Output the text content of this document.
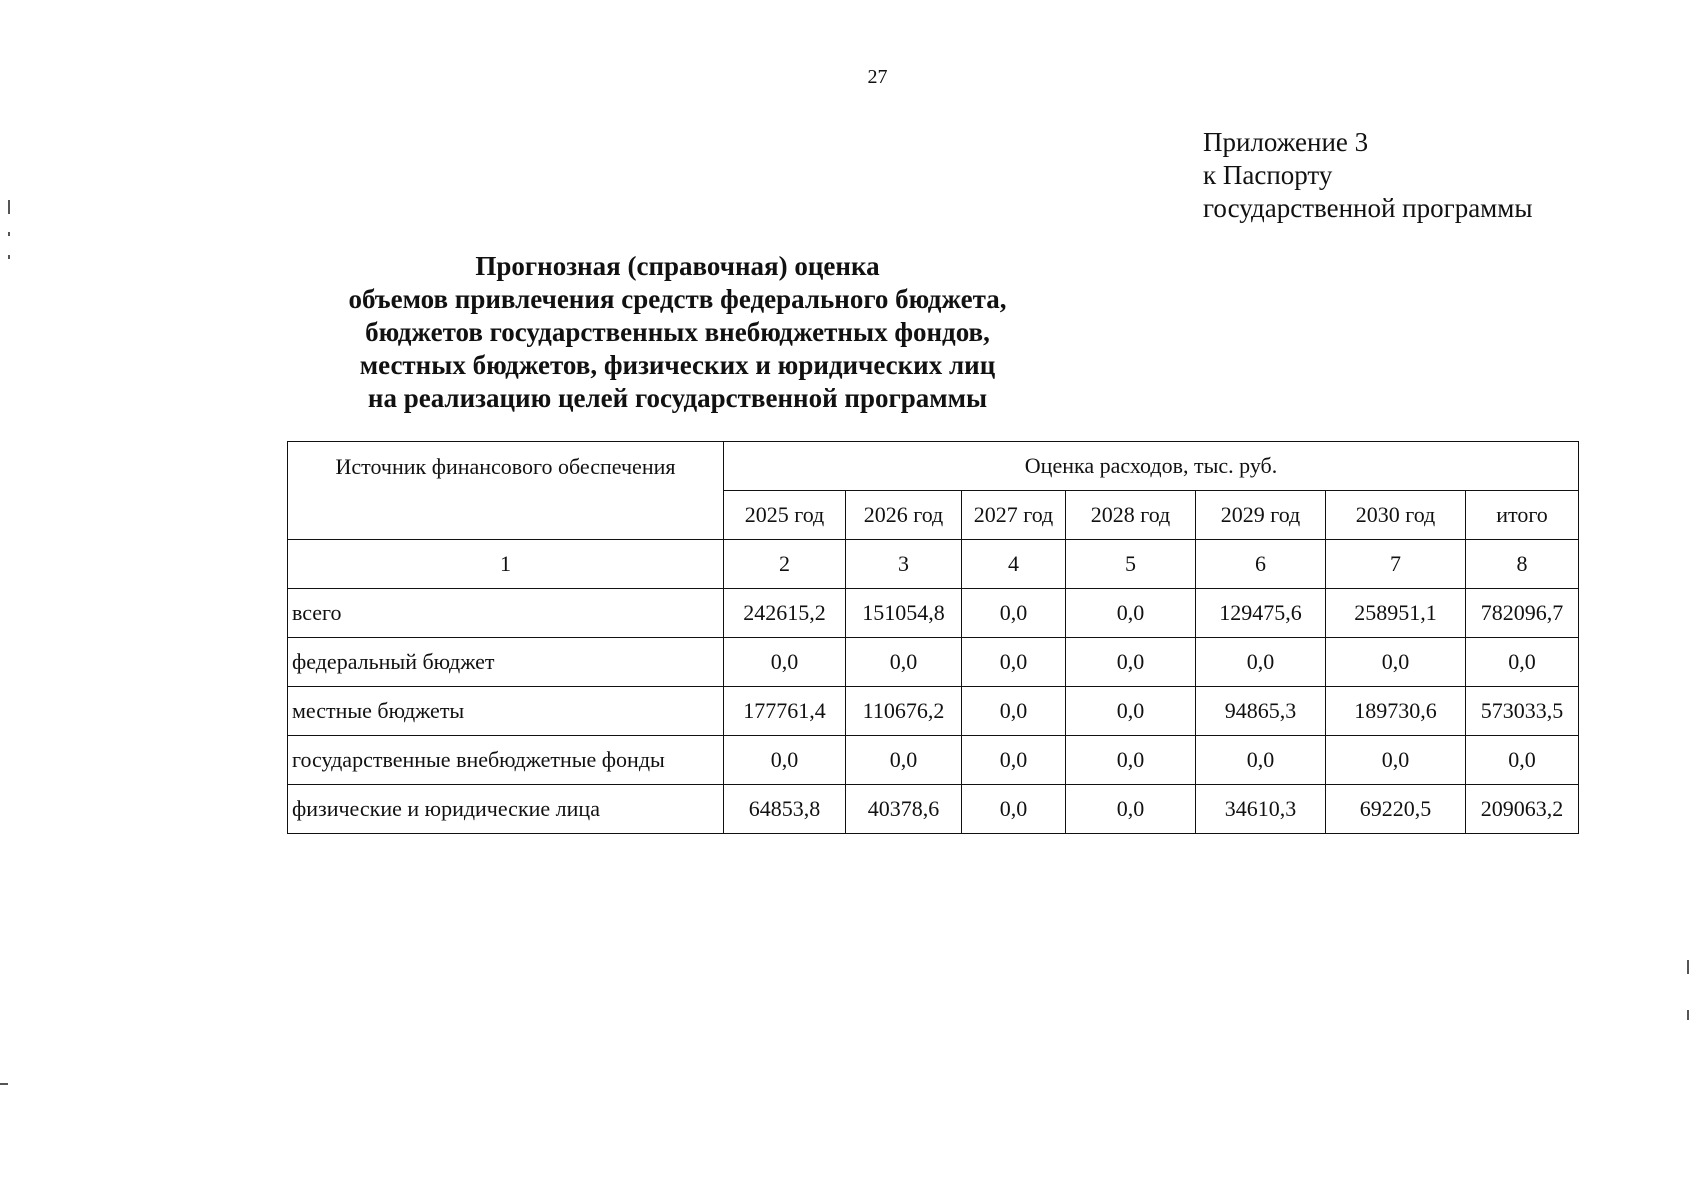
27
Приложение 3
к Паспорту
государственной программы
Прогнозная (справочная) оценка
объемов привлечения средств федерального бюджета,
бюджетов государственных внебюджетных фондов,
местных бюджетов, физических и юридических лиц
на реализацию целей государственной программы
Источник финансового обеспечения	Оценка расходов, тыс. руб.						
	2025 год	2026 год	2027 год	2028 год	2029 год	2030 год	итого
1	2	3	4	5	6	7	8
всего	242615,2	151054,8	0,0	0,0	129475,6	258951,1	782096,7
федеральный бюджет	0,0	0,0	0,0	0,0	0,0	0,0	0,0
местные бюджеты	177761,4	110676,2	0,0	0,0	94865,3	189730,6	573033,5
государственные внебюджетные фонды	0,0	0,0	0,0	0,0	0,0	0,0	0,0
физические и юридические лица	64853,8	40378,6	0,0	0,0	34610,3	69220,5	209063,2
